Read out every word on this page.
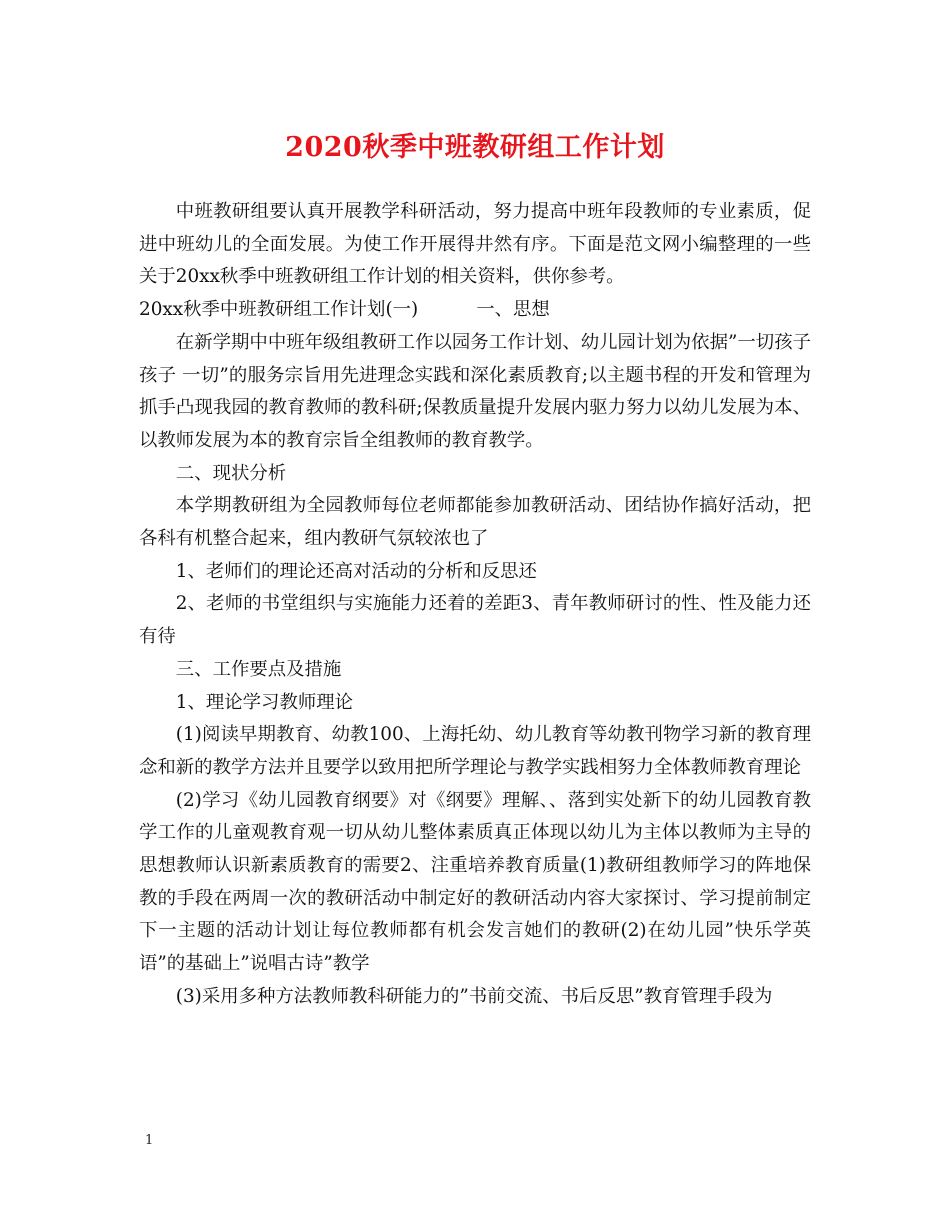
2020秋季中班教研组工作计划

中班教研组要认真开展教学科研活动，努力提高中班年段教师的专业素质，促进中班幼儿的全面发展。为使工作开展得井然有序。下面是范文网小编整理的一些关于20xx秋季中班教研组工作计划的相关资料，供你参考。

20xx秋季中班教研组工作计划(一)	一、思想

在新学期中中班年级组教研工作以园务工作计划、幼儿园计划为依据”一切孩子孩子 一切”的服务宗旨用先进理念实践和深化素质教育;以主题书程的开发和管理为抓手凸现我园的教育教师的教科研;保教质量提升发展内驱力努力以幼儿发展为本、以教师发展为本的教育宗旨全组教师的教育教学。

二、现状分析

本学期教研组为全园教师每位老师都能参加教研活动、团结协作搞好活动，把各科有机整合起来，组内教研气氛较浓也了

1、老师们的理论还高对活动的分析和反思还

2、老师的书堂组织与实施能力还着的差距3、青年教师研讨的性、性及能力还有待

三、工作要点及措施

1、理论学习教师理论

(1)阅读早期教育、幼教100、上海托幼、幼儿教育等幼教刊物学习新的教育理念和新的教学方法并且要学以致用把所学理论与教学实践相努力全体教师教育理论

(2)学习《幼儿园教育纲要》对《纲要》理解、、落到实处新下的幼儿园教育教学工作的儿童观教育观一切从幼儿整体素质真正体现以幼儿为主体以教师为主导的思想教师认识新素质教育的需要2、注重培养教育质量(1)教研组教师学习的阵地保教的手段在两周一次的教研活动中制定好的教研活动内容大家探讨、学习提前制定下一主题的活动计划让每位教师都有机会发言她们的教研(2)在幼儿园”快乐学英语”的基础上”说唱古诗”教学

(3)采用多种方法教师教科研能力的”书前交流、书后反思”教育管理手段为

1
